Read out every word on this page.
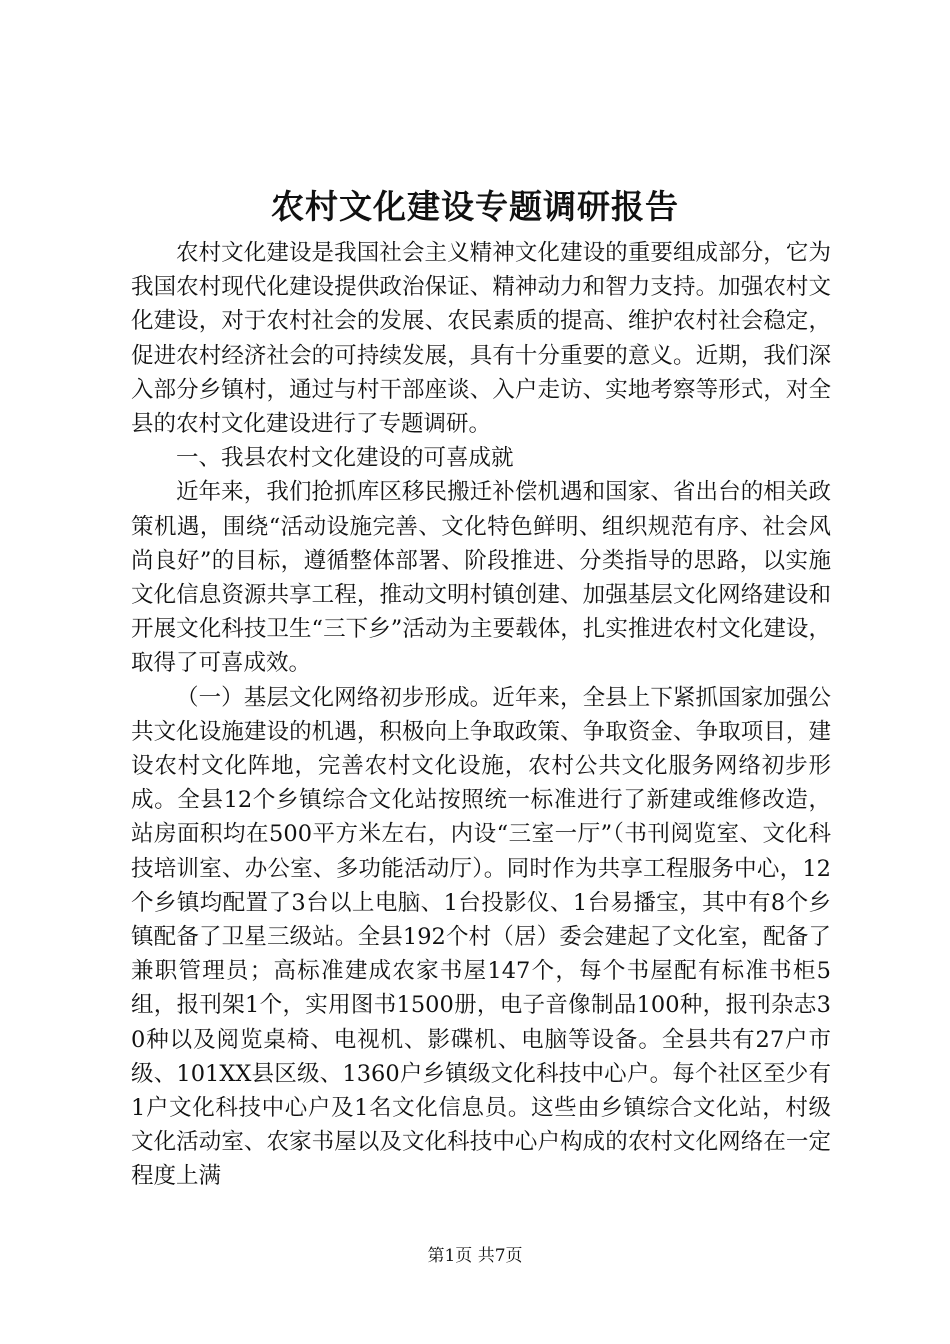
农村文化建设专题调研报告

农村文化建设是我国社会主义精神文化建设的重要组成部分，它为我国农村现代化建设提供政治保证、精神动力和智力支持。加强农村文化建设，对于农村社会的发展、农民素质的提高、维护农村社会稳定，促进农村经济社会的可持续发展，具有十分重要的意义。近期，我们深入部分乡镇村，通过与村干部座谈、入户走访、实地考察等形式，对全县的农村文化建设进行了专题调研。

一、我县农村文化建设的可喜成就

近年来，我们抢抓库区移民搬迁补偿机遇和国家、省出台的相关政策机遇，围绕“活动设施完善、文化特色鲜明、组织规范有序、社会风尚良好”的目标，遵循整体部署、阶段推进、分类指导的思路，以实施文化信息资源共享工程，推动文明村镇创建、加强基层文化网络建设和开展文化科技卫生“三下乡”活动为主要载体，扎实推进农村文化建设，取得了可喜成效。

（一）基层文化网络初步形成。近年来，全县上下紧抓国家加强公共文化设施建设的机遇，积极向上争取政策、争取资金、争取项目，建设农村文化阵地，完善农村文化设施，农村公共文化服务网络初步形成。全县12个乡镇综合文化站按照统一标准进行了新建或维修改造，站房面积均在500平方米左右，内设“三室一厅”（书刊阅览室、文化科技培训室、办公室、多功能活动厅）。同时作为共享工程服务中心，12个乡镇均配置了3台以上电脑、1台投影仪、1台易播宝，其中有8个乡镇配备了卫星三级站。全县192个村（居）委会建起了文化室，配备了兼职管理员；高标准建成农家书屋147个，每个书屋配有标准书柜5组，报刊架1个，实用图书1500册，电子音像制品100种，报刊杂志30种以及阅览桌椅、电视机、影碟机、电脑等设备。全县共有27户市级、101XX县区级、1360户乡镇级文化科技中心户。每个社区至少有1户文化科技中心户及1名文化信息员。这些由乡镇综合文化站，村级文化活动室、农家书屋以及文化科技中心户构成的农村文化网络在一定程度上满

第1页 共7页
